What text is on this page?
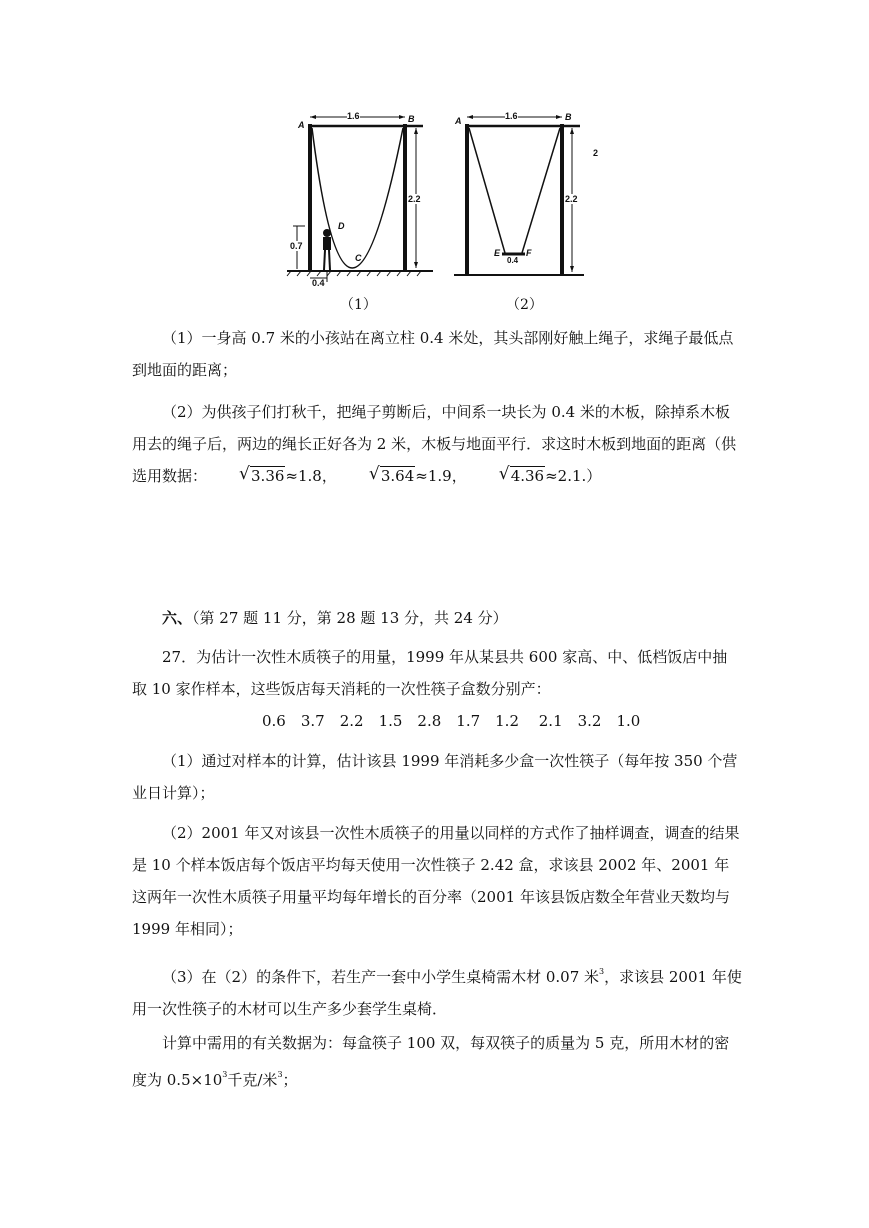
A
B
1.6
2.2
0.7
0.4
D
C
（1）
A	B
1.6
2.2
E	F
0.4
2
（2）
（1）一身高 0.7 米的小孩站在离立柱 0.4 米处，其头部刚好触上绳子，求绳子最低点到地面的距离；
（2）为供孩子们打秋千，把绳子剪断后，中间系一块长为 0.4 米的木板，除掉系木板用去的绳子后，两边的绳长正好各为 2 米，木板与地面平行．求这时木板到地面的距离（供选用数据：	√ 3.36≈1.8，	√ 3.64≈1.9，	√ 4.36≈2.1.）
六、（第 27 题 11 分，第 28 题 13 分，共 24 分）
27．为估计一次性木质筷子的用量，1999 年从某县共 600 家高、中、低档饭店中抽取 10 家作样本，这些饭店每天消耗的一次性筷子盒数分别产：
0.6　3.7　2.2　1.5　2.8　1.7　1.2　 2.1　3.2　1.0
（1）通过对样本的计算，估计该县 1999 年消耗多少盒一次性筷子（每年按 350 个营业日计算）；
（2）2001 年又对该县一次性木质筷子的用量以同样的方式作了抽样调查，调查的结果是 10 个样本饭店每个饭店平均每天使用一次性筷子 2.42 盒，求该县 2002 年、2001 年这两年一次性木质筷子用量平均每年增长的百分率（2001 年该县饭店数全年营业天数均与 1999 年相同）；
（3）在（2）的条件下，若生产一套中小学生桌椅需木材 0.07 米$^3$，求该县 2001 年使用一次性筷子的木材可以生产多少套学生桌椅．
计算中需用的有关数据为：每盒筷子 100 双，每双筷子的质量为 5 克，所用木材的密度为 $0.5\times 10^3$千克/米$^3$；
